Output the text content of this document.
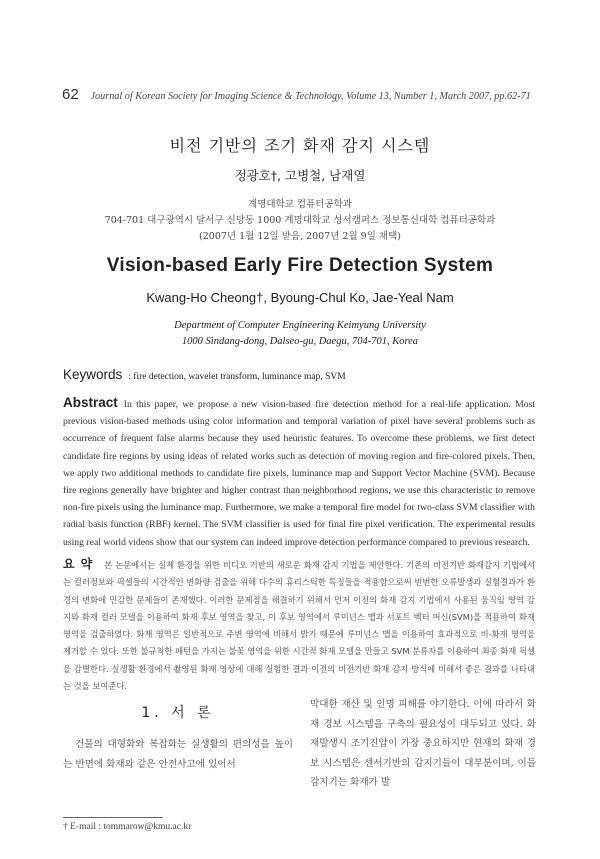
62 Journal of Korean Society for Imaging Science & Technology, Volume 13, Number 1, March 2007, pp.62-71
비전 기반의 조기 화재 감지 시스템
정광호†, 고병철, 남재열
계명대학교 컴퓨터공학과
704-701 대구광역시 달서구 신당동 1000 계명대학교 성서캠퍼스 정보통신대학 컴퓨터공학과
(2007년 1월 12일 받음, 2007년 2월 9일 채택)
Vision-based Early Fire Detection System
Kwang-Ho Cheong†, Byoung-Chul Ko, Jae-Yeal Nam
Department of Computer Engineering Keimyung University
1000 Sindang-dong, Dalseo-gu, Daegu, 704-701, Korea
Keywords : fire detection, wavelet transform, luminance map, SVM
Abstract In this paper, we propose a new vision-based fire detection method for a real-life application. Most previous vision-based methods using color information and temporal variation of pixel have several problems such as occurrence of frequent false alarms because they used heuristic features. To overcome these problems, we first detect candidate fire regions by using ideas of related works such as detection of moving region and fire-colored pixels. Then, we apply two additional methods to candidate fire pixels, luminance map and Support Vector Machine (SVM). Because fire regions generally have brighter and higher contrast than neighborhood regions, we use this characteristic to remove non-fire pixels using the luminance map. Furthermore, we make a temporal fire model for two-class SVM classifier with radial basis function (RBF) kernel. The SVM classifier is used for final fire pixel verification. The experimental results using real world videos show that our system can indeed improve detection performance compared to previous research.
요약 본 논문에서는 실제 환경을 위한 비디오 기반의 새로운 화재 감지 기법을 제안한다. 기존의 비전기반 화재감지 기법에서는 컬러정보와 픽셀들의 시간적인 변화량 검출을 위해 다수의 휴리스틱한 특징들을 적용함으로써 빈번한 오류발생과 실험결과가 환경의 변화에 민감한 문제들이 존재했다. 이러한 문제점을 해결하기 위해서 먼저 이전의 화재 감지 기법에서 사용된 움직임 영역 감지와 화재 컬러 모델을 이용하여 화재 후보 영역을 찾고, 이 후보 영역에서 루미넌스 맵과 서포트 벡터 머신(SVM)을 적용하여 화재 영역을 검출하였다. 화재 영역은 일반적으로 주변 영역에 비해서 밝기 때문에 루미넌스 맵을 이용하여 효과적으로 비-화재 영역을 제거할 수 있다. 또한 불규칙한 패턴을 가지는 불꽃 영역을 위한 시간적 화재 모델을 만들고 SVM 분류자를 이용하여 최종 화재 픽셀을 감별한다. 실생활 환경에서 촬영된 화재 영상에 대해 실험한 결과 이전의 비전기반 화재 감지 방식에 비해서 좋은 결과를 나타내는 것을 보여준다.
1. 서 론
건물의 대형화와 복잡화는 실생활의 편의성을 높이는 반면에 화재와 같은 안전사고에 있어서
막대한 재산 및 인명 피해를 야기한다. 이에 따라서 화재 경보 시스템을 구축의 필요성이 대두되고 있다. 화재발생시 조기진압이 가장 중요하지만 현재의 화재 경보 시스템은 센서기반의 감지기들이 대부분이며, 이들 감지기는 화재가 발
† E-mail : tommarow@kmu.ac.kr
